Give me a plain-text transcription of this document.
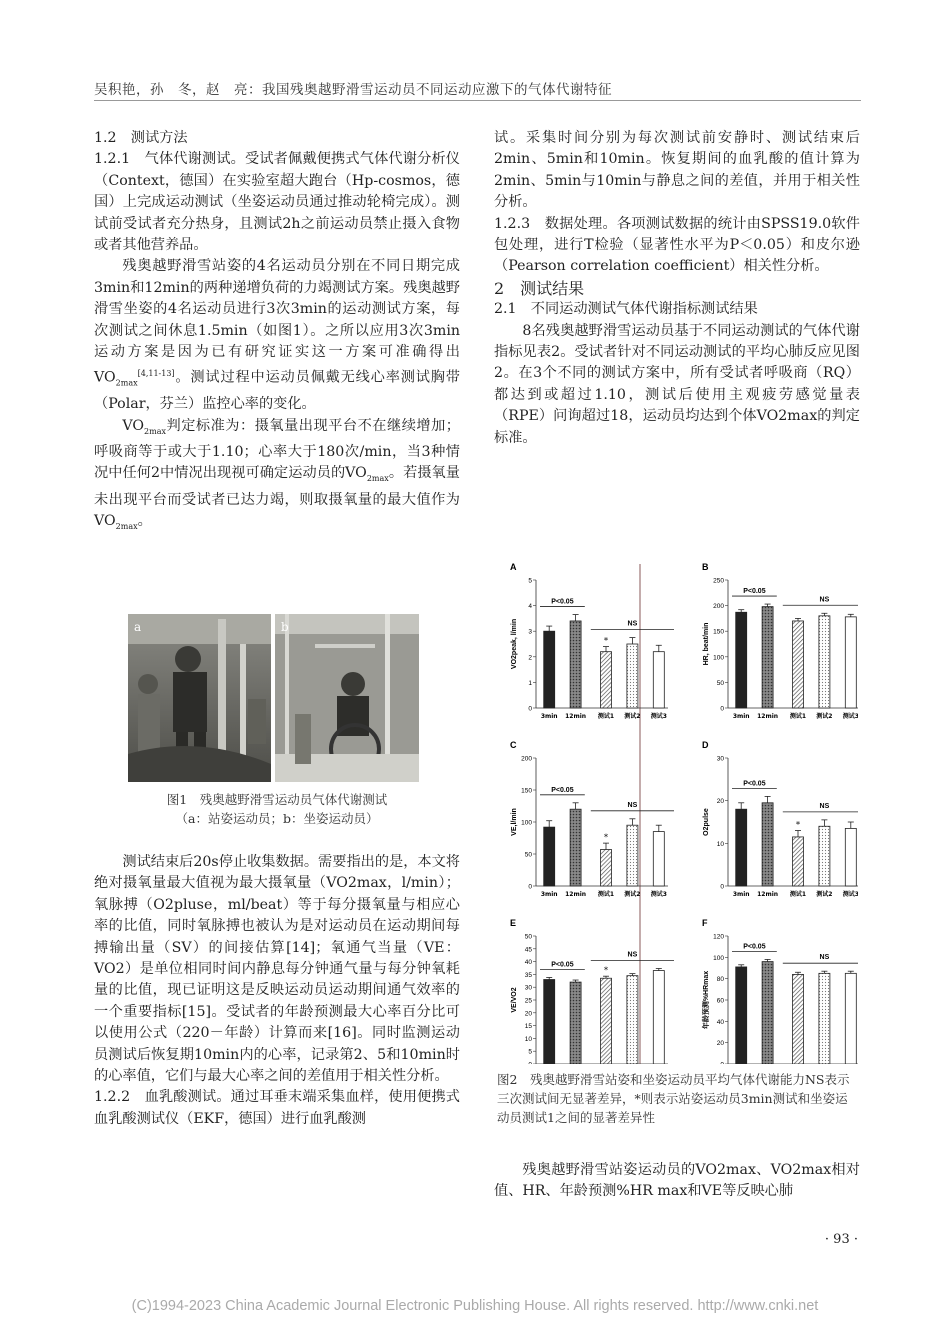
吴积艳，孙　冬，赵　亮：我国残奥越野滑雪运动员不同运动应激下的气体代谢特征

1.2　测试方法

1.2.1　气体代谢测试。受试者佩戴便携式气体代谢分析仪（Context，德国）在实验室超大跑台（Hp-cosmos，德国）上完成运动测试（坐姿运动员通过推动轮椅完成）。测试前受试者充分热身，且测试2h之前运动员禁止摄入食物或者其他营养品。

残奥越野滑雪站姿的4名运动员分别在不同日期完成3min和12min的两种递增负荷的力竭测试方案。残奥越野滑雪坐姿的4名运动员进行3次3min的运动测试方案，每次测试之间休息1.5min（如图1）。之所以应用3次3min运动方案是因为已有研究证实这一方案可准确得出$VO_{2max}[4,11-13]$。测试过程中运动员佩戴无线心率测试胸带（Polar，芬兰）监控心率的变化。

$VO_{2max}$判定标准为：摄氧量出现平台不在继续增加；呼吸商等于或大于1.10；心率大于180次/min，当3种情况中任何2中情况出现视可确定运动员的$VO_{2max}$。若摄氧量未出现平台而受试者已达力竭，则取摄氧量的最大值作为$VO_{2max}$。

a	b
图1　残奥越野滑雪运动员气体代谢测试
（a：站姿运动员；b：坐姿运动员）

测试结束后20s停止收集数据。需要指出的是，本文将绝对摄氧量最大值视为最大摄氧量（VO2max，l/min）；氧脉搏（O2pluse，ml/beat）等于每分摄氧量与相应心率的比值，同时氧脉搏也被认为是对运动员在运动期间每搏输出量（SV）的间接估算[14]；氧通气当量（VE：VO2）是单位相同时间内静息每分钟通气量与每分钟氧耗量的比值，现已证明这是反映运动员运动期间通气效率的一个重要指标[15]。受试者的年龄预测最大心率百分比可以使用公式（220－年龄）计算而来[16]。同时监测运动员测试后恢复期10min内的心率，记录第2、5和10min时的心率值，它们与最大心率之间的差值用于相关性分析。

1.2.2　血乳酸测试。通过耳垂末端采集血样，使用便携式血乳酸测试仪（EKF，德国）进行血乳酸测

试。采集时间分别为每次测试前安静时、测试结束后2min、5min和10min。恢复期间的血乳酸的值计算为2min、5min与10min与静息之间的差值，并用于相关性分析。

1.2.3　数据处理。各项测试数据的统计由SPSS19.0软件包处理，进行T检验（显著性水平为P＜0.05）和皮尔逊（Pearson correlation coefficient）相关性分析。

2　测试结果

2.1　不同运动测试气体代谢指标测试结果

8名残奥越野滑雪运动员基于不同运动测试的气体代谢指标见表2。受试者针对不同运动测试的平均心肺反应见图2。在3个不同的测试方案中，所有受试者呼吸商（RQ）都达到或超过1.10，测试后使用主观疲劳感觉量表（RPE）问询超过18，运动员均达到个体VO2max的判定标准。

A
0
1
2
3
4
5
VO2peak, l/min
3min 12min 测试1 测试2 测试3
P<0.05
NS
*
B
0
50
100
150
200
250
HR, beat/min
3min 12min 测试1 测试2 测试3
P<0.05
NS
C
0
50
100
150
200
VE,l/min
3min 12min 测试1 测试2 测试3
P<0.05
NS
*
D
0
10
20
30
O2pulse
3min 12min 测试1 测试2 测试3
P<0.05
NS
*
E
5
10
15
20
25
30
35
40
45
50
VE/VO2
P<0.05
NS
*
F
20
40
60
80
100
120
年龄预测%HRmax
P<0.05
NS
图2　残奥越野滑雪站姿和坐姿运动员平均气体代谢能力NS表示三次测试间无显著差异，*则表示站姿运动员3min测试和坐姿运动员测试1之间的显著差异性

残奥越野滑雪站姿运动员的VO2max、VO2max相对值、HR、年龄预测%HR max和VE等反映心肺

· 93 ·
(C)1994-2023 China Academic Journal Electronic Publishing House. All rights reserved. http://www.cnki.net
